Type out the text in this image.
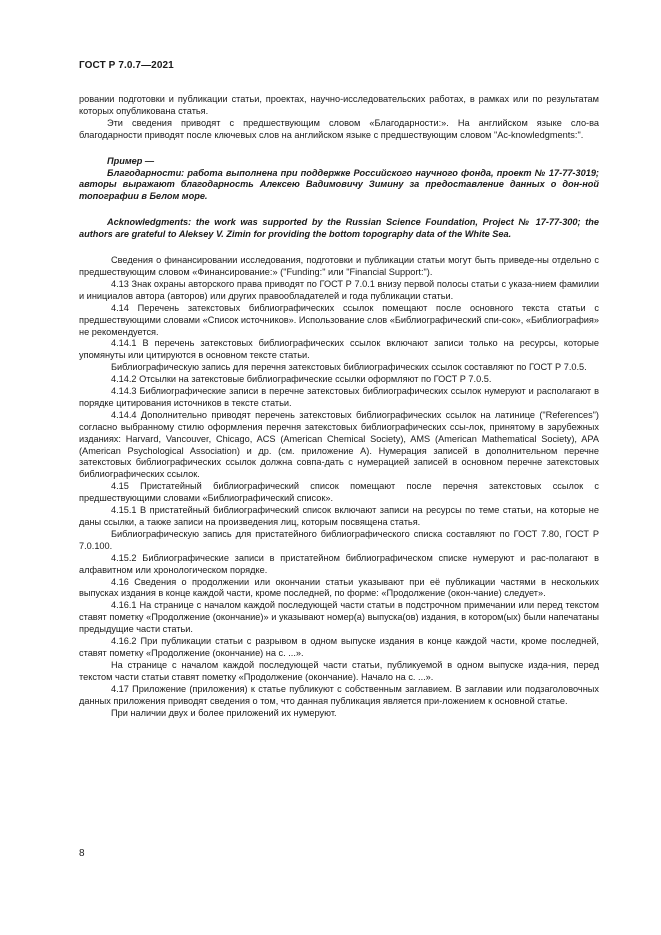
ГОСТ Р 7.0.7—2021

ровании подготовки и публикации статьи, проектах, научно-исследовательских работах, в рамках или по результатам которых опубликована статья.

Эти сведения приводят с предшествующим словом «Благодарности:». На английском языке сло-ва благодарности приводят после ключевых слов на английском языке с предшествующим словом "Ac-knowledgments:".

Пример —

Благодарности: работа выполнена при поддержке Российского научного фонда, проект № 17-77-3019; авторы выражают благодарность Алексею Вадимовичу Зимину за предоставление данных о дон-ной топографии в Белом море.

Acknowledgments: the work was supported by the Russian Science Foundation, Project № 17-77-300; the authors are grateful to Aleksey V. Zimin for providing the bottom topography data of the White Sea.

Сведения о финансировании исследования, подготовки и публикации статьи могут быть приведе-ны отдельно с предшествующим словом «Финансирование:» ("Funding:" или "Financial Support:").

4.13 Знак охраны авторского права приводят по ГОСТ Р 7.0.1 внизу первой полосы статьи с указа-нием фамилии и инициалов автора (авторов) или других правообладателей и года публикации статьи.

4.14 Перечень затекстовых библиографических ссылок помещают после основного текста статьи с предшествующими словами «Список источников». Использование слов «Библиографический спи-сок», «Библиография» не рекомендуется.

4.14.1 В перечень затекстовых библиографических ссылок включают записи только на ресурсы, которые упомянуты или цитируются в основном тексте статьи.

Библиографическую запись для перечня затекстовых библиографических ссылок составляют по ГОСТ Р 7.0.5.

4.14.2 Отсылки на затекстовые библиографические ссылки оформляют по ГОСТ Р 7.0.5.

4.14.3 Библиографические записи в перечне затекстовых библиографических ссылок нумеруют и располагают в порядке цитирования источников в тексте статьи.

4.14.4 Дополнительно приводят перечень затекстовых библиографических ссылок на латинице ("References") согласно выбранному стилю оформления перечня затекстовых библиографических ссы-лок, принятому в зарубежных изданиях: Harvard, Vancouver, Chicago, ACS (American Chemical Society), AMS (American Mathematical Society), APA (American Psychological Association) и др. (см. приложение А). Нумерация записей в дополнительном перечне затекстовых библиографических ссылок должна совпа-дать с нумерацией записей в основном перечне затекстовых библиографических ссылок.

4.15 Пристатейный библиографический список помещают после перечня затекстовых ссылок с предшествующими словами «Библиографический список».

4.15.1 В пристатейный библиографический список включают записи на ресурсы по теме статьи, на которые не даны ссылки, а также записи на произведения лиц, которым посвящена статья.

Библиографическую запись для пристатейного библиографического списка составляют по ГОСТ 7.80, ГОСТ Р 7.0.100.

4.15.2 Библиографические записи в пристатейном библиографическом списке нумеруют и рас-полагают в алфавитном или хронологическом порядке.

4.16 Сведения о продолжении или окончании статьи указывают при её публикации частями в нескольких выпусках издания в конце каждой части, кроме последней, по форме: «Продолжение (окон-чание) следует».

4.16.1 На странице с началом каждой последующей части статьи в подстрочном примечании или перед текстом ставят пометку «Продолжение (окончание)» и указывают номер(а) выпуска(ов) издания, в котором(ых) были напечатаны предыдущие части статьи.

4.16.2 При публикации статьи с разрывом в одном выпуске издания в конце каждой части, кроме последней, ставят пометку «Продолжение (окончание) на с. ...».

На странице с началом каждой последующей части статьи, публикуемой в одном выпуске изда-ния, перед текстом части статьи ставят пометку «Продолжение (окончание). Начало на с. ...».

4.17 Приложение (приложения) к статье публикуют с собственным заглавием. В заглавии или подзаголовочных данных приложения приводят сведения о том, что данная публикация является при-ложением к основной статье.

При наличии двух и более приложений их нумеруют.

8
